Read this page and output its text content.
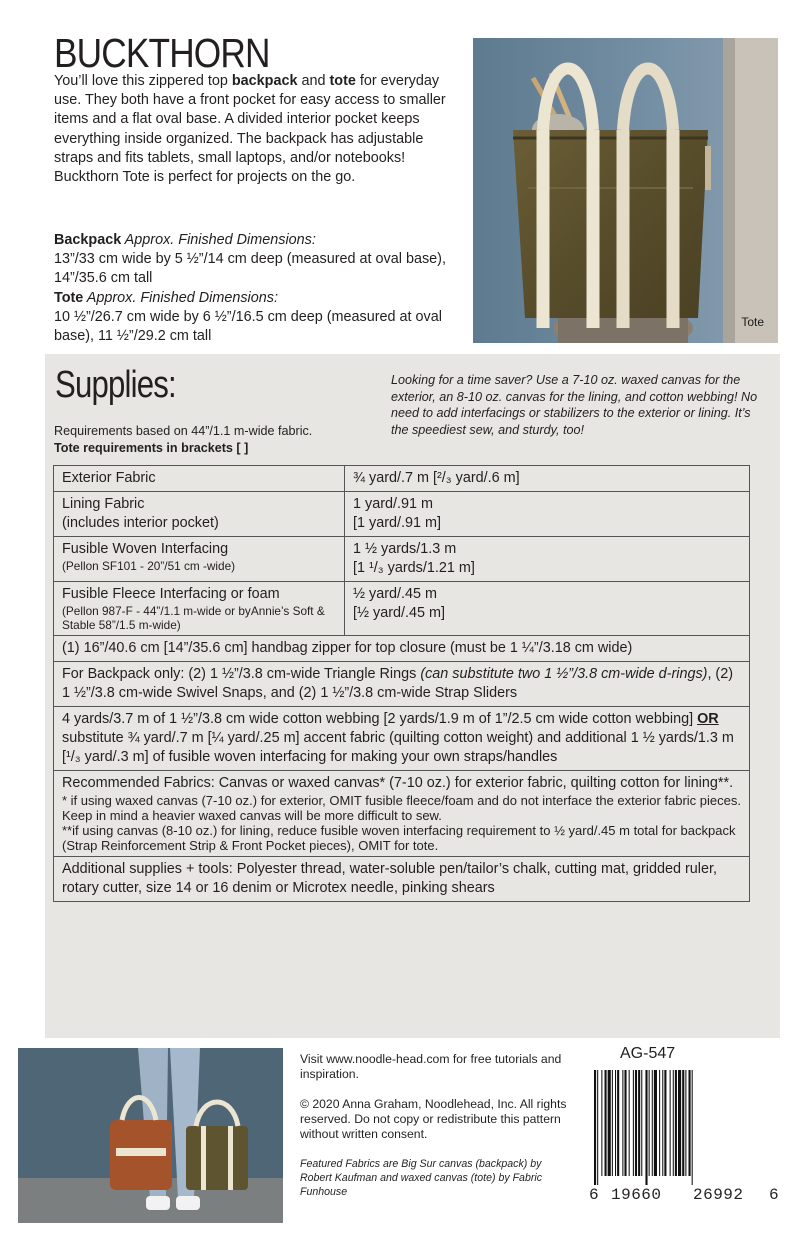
BUCKTHORN
You’ll love this zippered top backpack and tote for everyday use. They both have a front pocket for easy access to smaller items and a flat oval base. A divided interior pocket keeps everything inside organized. The backpack has adjustable straps and fits tablets, small laptops, and/or notebooks! Buckthorn Tote is perfect for projects on the go.
Backpack Approx. Finished Dimensions:
13”/33 cm wide by 5 ½”/14 cm deep (measured at oval base), 14”/35.6 cm tall
Tote Approx. Finished Dimensions:
10 ½”/26.7 cm wide by 6 ½”/16.5 cm deep (measured at oval base), 11 ½”/29.2 cm tall
Tote
Supplies:	Looking for a time saver? Use a 7-10 oz. waxed canvas for the exterior, an 8-10 oz. canvas for the lining, and cotton webbing! No need to add interfacings or stabilizers to the exterior or lining. It’s the speediest sew, and sturdy, too!
Requirements based on 44”/1.1 m-wide fabric.
Tote requirements in brackets [ ]
Exterior Fabric	¾ yard/.7 m [²/₃ yard/.6 m]
Lining Fabric
(includes interior pocket)	1 yard/.91 m
[1 yard/.91 m]
Fusible Woven Interfacing
(Pellon SF101 - 20”/51 cm -wide)	1 ½ yards/1.3 m
[1 ¹/₃ yards/1.21 m]
Fusible Fleece Interfacing or foam
(Pellon 987-F - 44”/1.1 m-wide or byAnnie’s Soft & Stable 58”/1.5 m-wide)	½ yard/.45 m
[½ yard/.45 m]
(1) 16”/40.6 cm [14”/35.6 cm] handbag zipper for top closure (must be 1 ¼”/3.18 cm wide)	
For Backpack only: (2) 1 ½”/3.8 cm-wide Triangle Rings (can substitute two 1 ½”/3.8 cm-wide d-rings), (2) 1 ½”/3.8 cm-wide Swivel Snaps, and (2) 1 ½”/3.8 cm-wide Strap Sliders	
4 yards/3.7 m of 1 ½”/3.8 cm wide cotton webbing [2 yards/1.9 m of 1”/2.5 cm wide cotton webbing] OR substitute ¾ yard/.7 m [¼ yard/.25 m] accent fabric (quilting cotton weight) and additional 1 ½ yards/1.3 m [¹/₃ yard/.3 m] of fusible woven interfacing for making your own straps/handles	
Recommended Fabrics: Canvas or waxed canvas* (7-10 oz.) for exterior fabric, quilting cotton for lining**.
* if using waxed canvas (7-10 oz.) for exterior, OMIT fusible fleece/foam and do not interface the exterior fabric pieces. Keep in mind a heavier waxed canvas will be more difficult to sew.
**if using canvas (8-10 oz.) for lining, reduce fusible woven interfacing requirement to ½ yard/.45 m total for backpack (Strap Reinforcement Strip & Front Pocket pieces), OMIT for tote.	

Additional supplies + tools: Polyester thread, water-soluble pen/tailor’s chalk, cutting mat, gridded ruler, rotary cutter, size 14 or 16 denim or Microtex needle, pinking shears	

Visit www.noodle-head.com for free tutorials and inspiration.

© 2020 Anna Graham, Noodlehead, Inc. All rights reserved. Do not copy or redistribute this pattern without written consent.

Featured Fabrics are Big Sur canvas (backpack) by Robert Kaufman and waxed canvas (tote) by Fabric Funhouse

AG-547
6 19660 26992 6
